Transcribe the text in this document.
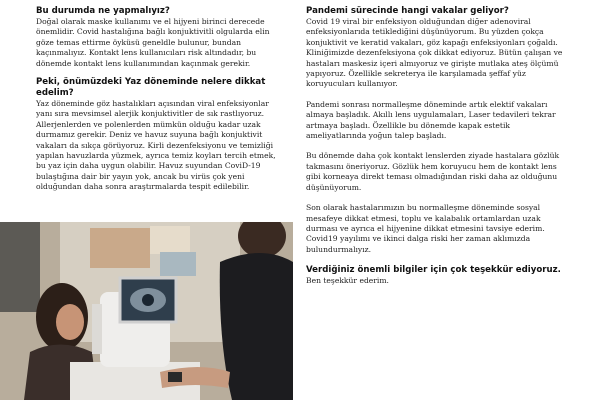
Bu durumda ne yapmalıyız?

Doğal olarak maske kullanımı ve el hijyeni birinci derecede önemlidir. Covid hastalığına bağlı konjuktivitli olgularda elin göze temas ettirme öyküsü geneldle bulunur, bundan kaçınmalıyız. Kontakt lens kullanıcıları risk altındadır, bu dönemde kontakt lens kullanımından kaçınmak gerekir.

Peki, önümüzdeki Yaz döneminde nelere dikkat edelim?

Yaz döneminde göz hastalıkları açısından viral enfeksiyonlar yanı sıra mevsimsel alerjik konjuktivitler de sık rastlıyoruz. Allerjenlerden ve polenlerden mümkün olduğu kadar uzak durmamız gerekir. Deniz ve havuz suyuna bağlı konjuktivit vakaları da sıkça görüyoruz. Kirli dezenfeksiyonu ve temizliği yapılan havuzlarda yüzmek, ayrıca temiz koyları tercih etmek, bu yaz için daha uygun olabilir. Havuz suyundan CoviD-19 bulaştığına dair bir yayın yok, ancak bu virüs çok yeni olduğundan daha sonra araştırmalarda tespit edilebilir.

Pandemi sürecinde hangi vakalar geliyor?

Covid 19 viral bir enfeksiyon olduğundan diğer adenoviral enfeksiyonlarıda tetiklediğini düşünüyorum. Bu yüzden çokça konjuktivit ve keratid vakaları, göz kapağı enfeksiyonları çoğaldı. Kliniğimizde dezenfeksiyona çok dikkat ediyoruz. Bütün çalışan ve hastaları maskesiz içeri almıyoruz ve girişte mutlaka ateş ölçümü yapıyoruz. Özellikle sekreterya ile karşılamada şeffaf yüz koruyucuları kullanıyor.

Pandemi sonrası normalleşme döneminde artık elektif vakaları almaya başladık. Akıllı lens uygulamaları, Laser tedavileri tekrar artmaya başladı. Özellikle bu dönemde kapak estetik ameliyatlarında yoğun talep başladı.

Bu dönemde daha çok kontakt lenslerden ziyade hastalara gözlük takmasını öneriyoruz. Gözlük hem koruyucu hem de kontakt lens gibi korneaya direkt teması olmadığından riski daha az olduğunu düşünüyorum.

Son olarak hastalarımızın bu normalleşme döneminde sosyal mesafeye dikkat etmesi, toplu ve kalabalık ortamlardan uzak durması ve ayrıca el hijyenine dikkat etmesini tavsiye ederim. Covid19 yayılımı ve ikinci dalga riski her zaman aklımızda bulundurmalıyız.

Verdiğiniz önemli bilgiler için çok teşekkür ediyoruz.

Ben teşekkür ederim.
